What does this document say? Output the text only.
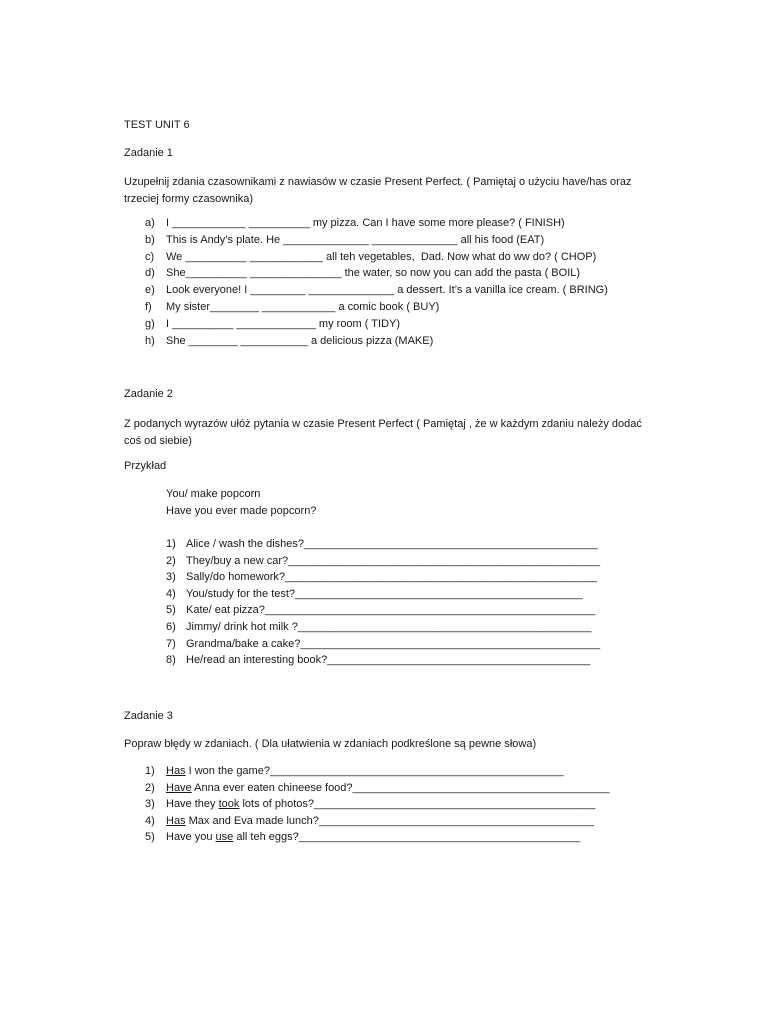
TEST UNIT 6
Zadanie 1
Uzupełnij zdania czasownikami z nawiasów w czasie Present Perfect. ( Pamiętaj o użyciu have/has oraz trzeciej formy czasownika)
a) I ____________ __________ my pizza. Can I have some more please? ( FINISH)
b) This is Andy’s plate. He ______________ ______________ all his food (EAT)
c) We __________ ____________ all teh vegetables,  Dad. Now what do ww do? ( CHOP)
d) She__________ _______________ the water, so now you can add the pasta ( BOIL)
e) Look everyone! I _________ ______________ a dessert. It’s a vanilla ice cream. ( BRING)
f) My sister________ ____________ a comic book ( BUY)
g) I __________ _____________ my room ( TIDY)
h) She ________ ___________ a delicious pizza (MAKE)
Zadanie 2
Z podanych wyrazów ułóż pytania w czasie Present Perfect ( Pamiętaj , że w każdym zdaniu należy dodać coś od siebie)
Przykład
You/ make popcorn
Have you ever made popcorn?
1) Alice / wash the dishes?________________________________________________
2) They/buy a new car?___________________________________________________
3) Sally/do homework?___________________________________________________
4) You/study for the test?_______________________________________________
5) Kate/ eat pizza?______________________________________________________
6) Jimmy/ drink hot milk ?________________________________________________
7) Grandma/bake a cake?_________________________________________________
8) He/read an interesting book?___________________________________________
Zadanie 3
Popraw błędy w zdaniach. ( Dla ułatwienia w zdaniach podkreślone są pewne słowa)
1) Has I won the game?________________________________________________
2) Have Anna ever eaten chineese food?__________________________________________
3) Have they took lots of photos?______________________________________________
4) Has Max and Eva made lunch?_____________________________________________
5) Have you use all teh eggs?______________________________________________
